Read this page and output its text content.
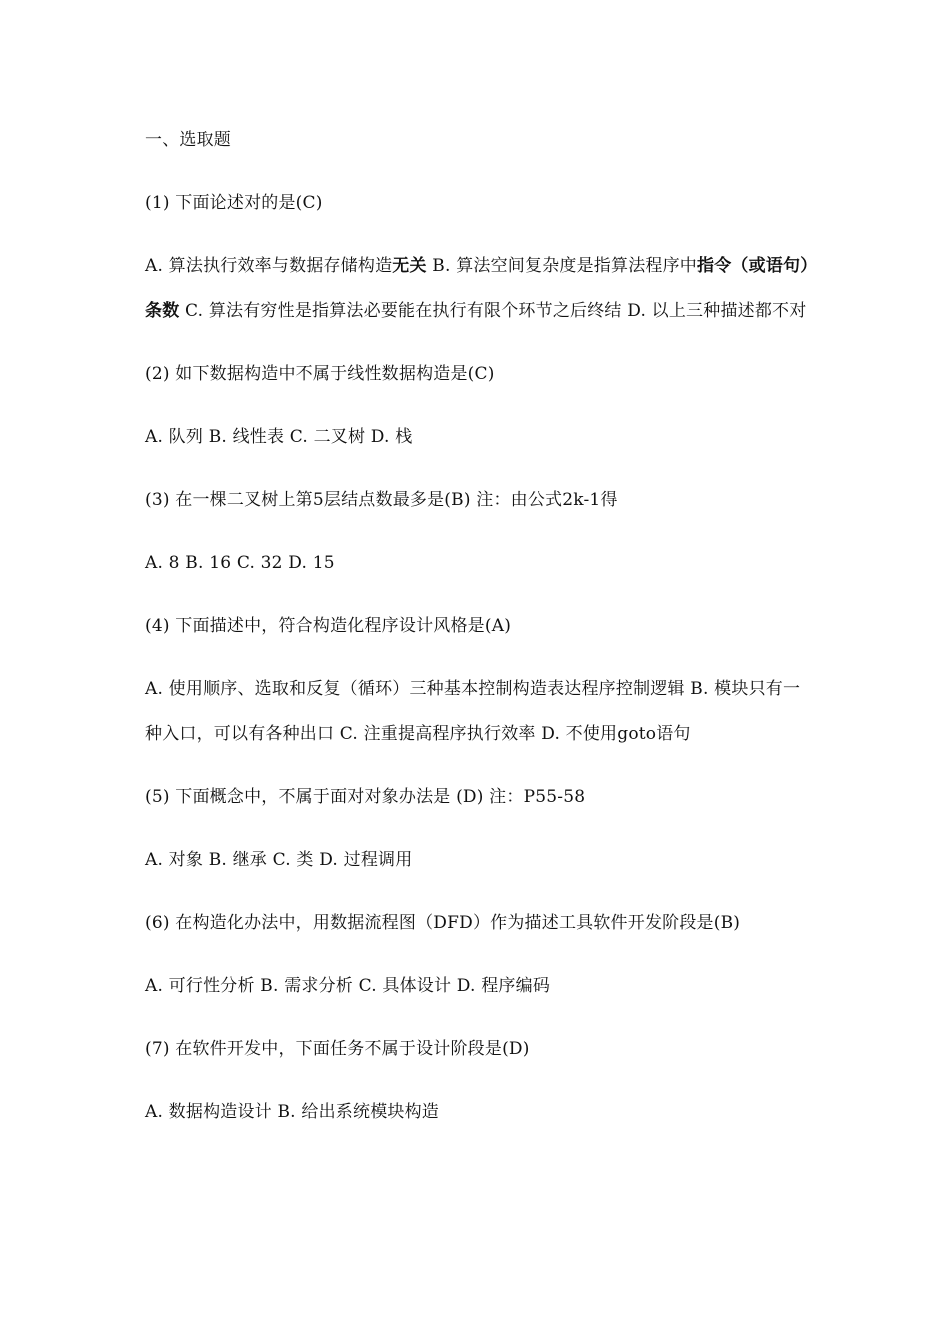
一、选取题

(1) 下面论述对的是(C)

A. 算法执行效率与数据存储构造无关 B. 算法空间复杂度是指算法程序中指令（或语句）条数 C. 算法有穷性是指算法必要能在执行有限个环节之后终结 D. 以上三种描述都不对

(2) 如下数据构造中不属于线性数据构造是(C)

A. 队列 B. 线性表 C. 二叉树 D. 栈

(3) 在一棵二叉树上第5层结点数最多是(B) 注：由公式2k-1得

A. 8 B. 16 C. 32 D. 15

(4) 下面描述中，符合构造化程序设计风格是(A)

A. 使用顺序、选取和反复（循环）三种基本控制构造表达程序控制逻辑 B. 模块只有一种入口，可以有各种出口 C. 注重提高程序执行效率 D. 不使用goto语句

(5) 下面概念中，不属于面对对象办法是 (D) 注：P55-58

A. 对象 B. 继承 C. 类 D. 过程调用

(6) 在构造化办法中，用数据流程图（DFD）作为描述工具软件开发阶段是(B)

A. 可行性分析 B. 需求分析 C. 具体设计 D. 程序编码

(7) 在软件开发中，下面任务不属于设计阶段是(D)

A. 数据构造设计 B. 给出系统模块构造
